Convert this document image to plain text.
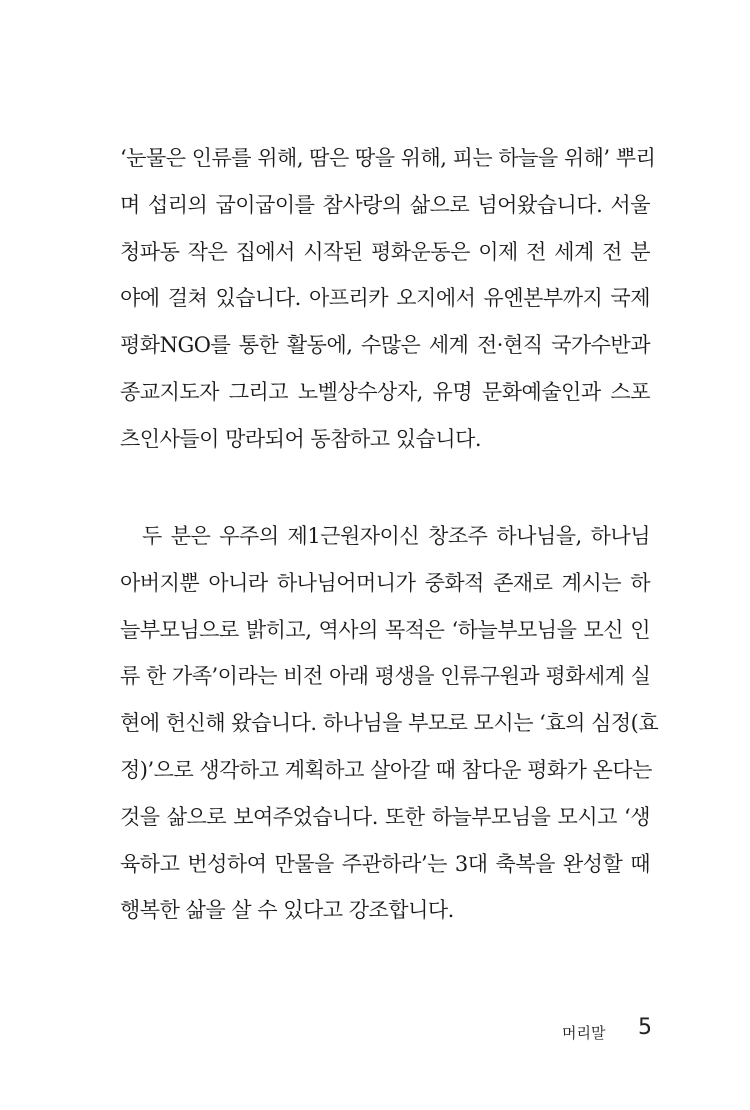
‘눈물은 인류를 위해, 땀은 땅을 위해, 피는 하늘을 위해’ 뿌리
며 섭리의 굽이굽이를 참사랑의 삶으로 넘어왔습니다. 서울
청파동 작은 집에서 시작된 평화운동은 이제 전 세계 전 분
야에 걸쳐 있습니다. 아프리카 오지에서 유엔본부까지 국제
평화NGO를 통한 활동에, 수많은 세계 전·현직 국가수반과
종교지도자 그리고 노벨상수상자, 유명 문화예술인과 스포
츠인사들이 망라되어 동참하고 있습니다.
두 분은 우주의 제1근원자이신 창조주 하나님을, 하나님
아버지뿐 아니라 하나님어머니가 중화적 존재로 계시는 하
늘부모님으로 밝히고, 역사의 목적은 ‘하늘부모님을 모신 인
류 한 가족’이라는 비전 아래 평생을 인류구원과 평화세계 실
현에 헌신해 왔습니다. 하나님을 부모로 모시는 ‘효의 심정(효
정)’으로 생각하고 계획하고 살아갈 때 참다운 평화가 온다는
것을 삶으로 보여주었습니다. 또한 하늘부모님을 모시고 ‘생
육하고 번성하여 만물을 주관하라’는 3대 축복을 완성할 때
행복한 삶을 살 수 있다고 강조합니다.
머리말 5
